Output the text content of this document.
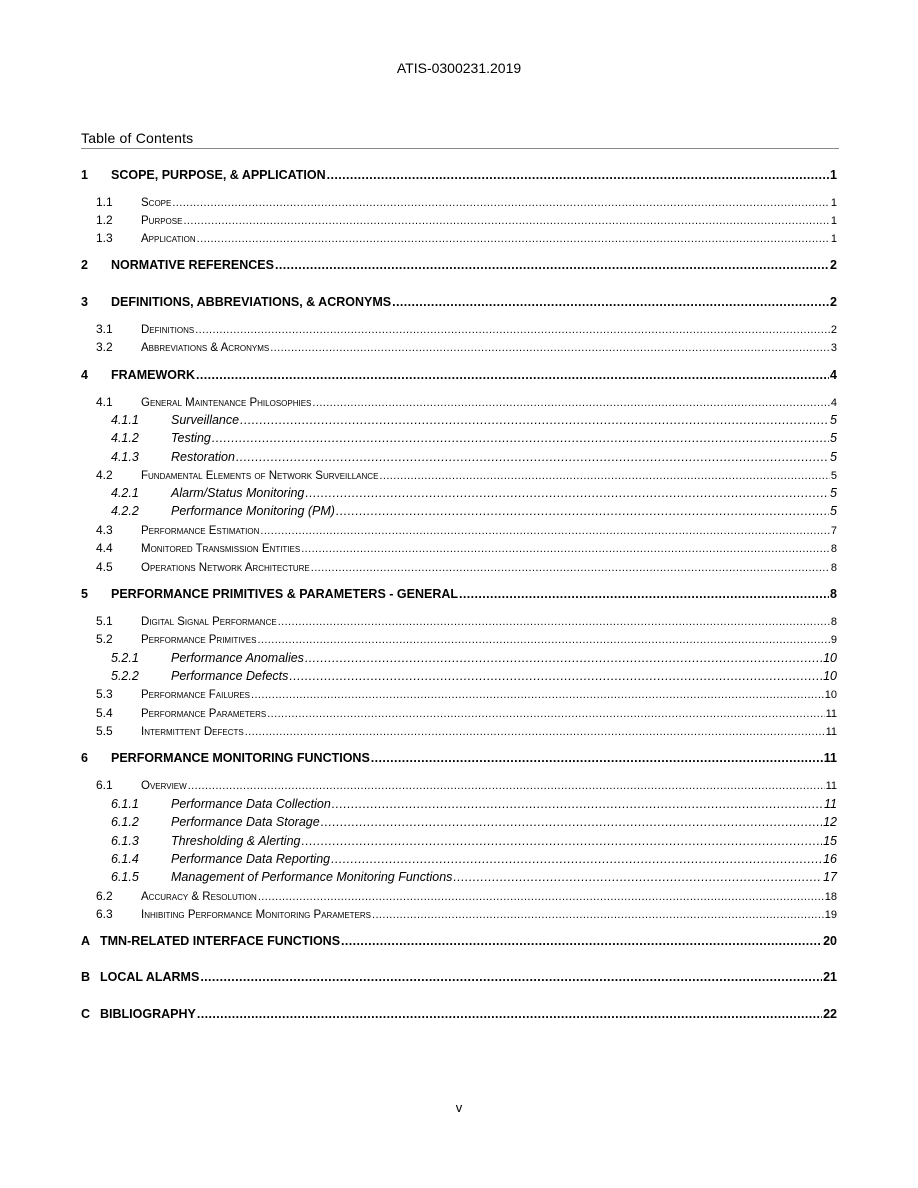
ATIS-0300231.2019
Table of Contents
1	SCOPE, PURPOSE, & APPLICATION .....	1
1.1	Scope .....	1
1.2	Purpose .....	1
1.3	Application .....	1
2	NORMATIVE REFERENCES .....	2
3	DEFINITIONS, ABBREVIATIONS, & ACRONYMS .....	2
3.1	Definitions .....	2
3.2	Abbreviations & Acronyms .....	3
4	FRAMEWORK .....	4
4.1	General Maintenance Philosophies .....	4
4.1.1	Surveillance .....	5
4.1.2	Testing .....	5
4.1.3	Restoration .....	5
4.2	Fundamental Elements of Network Surveillance .....	5
4.2.1	Alarm/Status Monitoring .....	5
4.2.2	Performance Monitoring (PM) .....	5
4.3	Performance Estimation .....	7
4.4	Monitored Transmission Entities .....	8
4.5	Operations Network Architecture .....	8
5	PERFORMANCE PRIMITIVES & PARAMETERS - GENERAL .....	8
5.1	Digital Signal Performance .....	8
5.2	Performance Primitives .....	9
5.2.1	Performance Anomalies .....	10
5.2.2	Performance Defects .....	10
5.3	Performance Failures .....	10
5.4	Performance Parameters .....	11
5.5	Intermittent Defects .....	11
6	PERFORMANCE MONITORING FUNCTIONS .....	11
6.1	Overview .....	11
6.1.1	Performance Data Collection .....	11
6.1.2	Performance Data Storage .....	12
6.1.3	Thresholding & Alerting .....	15
6.1.4	Performance Data Reporting .....	16
6.1.5	Management of Performance Monitoring Functions .....	17
6.2	Accuracy & Resolution .....	18
6.3	Inhibiting Performance Monitoring Parameters .....	19
A TMN-RELATED INTERFACE FUNCTIONS .....	20
B LOCAL ALARMS .....	21
C BIBLIOGRAPHY .....	22
v
